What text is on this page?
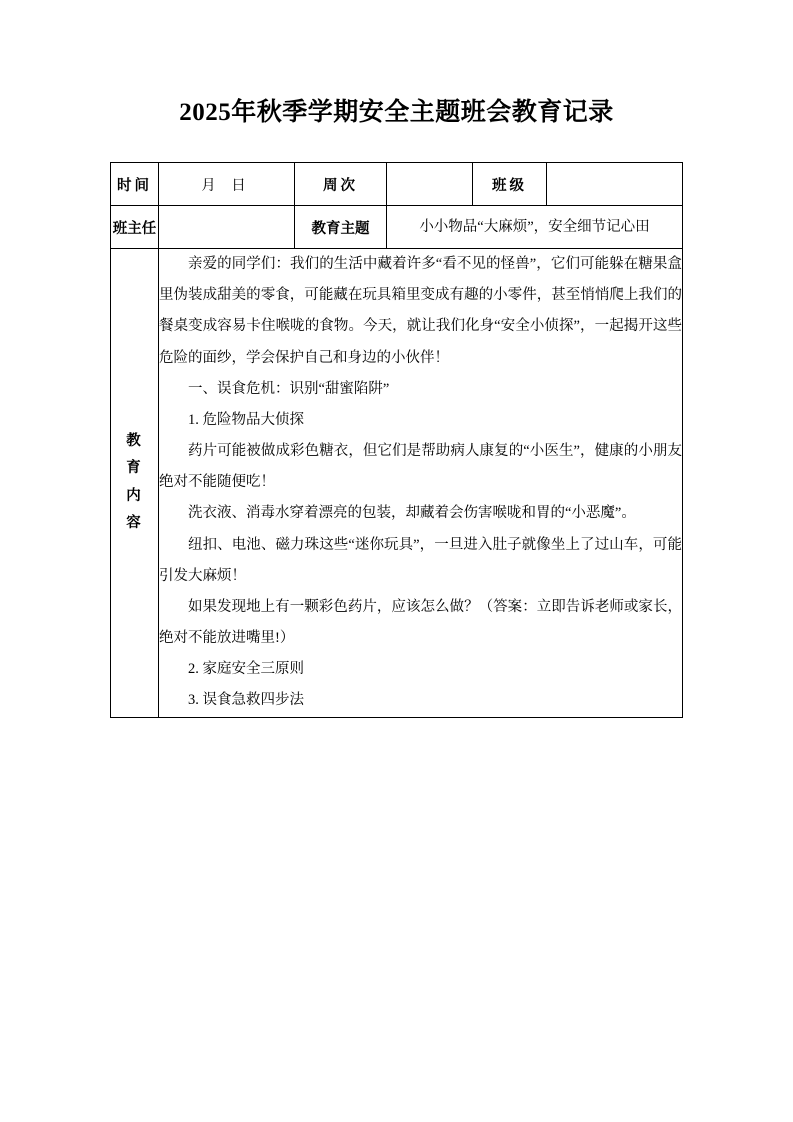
2025年秋季学期安全主题班会教育记录
时间	月 日	周次		班级	
班主任		教育主题	小小物品“大麻烦”，安全细节记心田		

教
育
内
容

亲爱的同学们：我们的生活中藏着许多“看不见的怪兽”，它们可能躲在糖果盒里伪装成甜美的零食，可能藏在玩具箱里变成有趣的小零件，甚至悄悄爬上我们的餐桌变成容易卡住喉咙的食物。今天，就让我们化身“安全小侦探”，一起揭开这些危险的面纱，学会保护自己和身边的小伙伴！

一、误食危机：识别“甜蜜陷阱”

1. 危险物品大侦探

药片可能被做成彩色糖衣，但它们是帮助病人康复的“小医生”，健康的小朋友绝对不能随便吃！

洗衣液、消毒水穿着漂亮的包装，却藏着会伤害喉咙和胃的“小恶魔”。

纽扣、电池、磁力珠这些“迷你玩具”，一旦进入肚子就像坐上了过山车，可能引发大麻烦！

如果发现地上有一颗彩色药片，应该怎么做？（答案：立即告诉老师或家长，绝对不能放进嘴里!）

2. 家庭安全三原则

3. 误食急救四步法
